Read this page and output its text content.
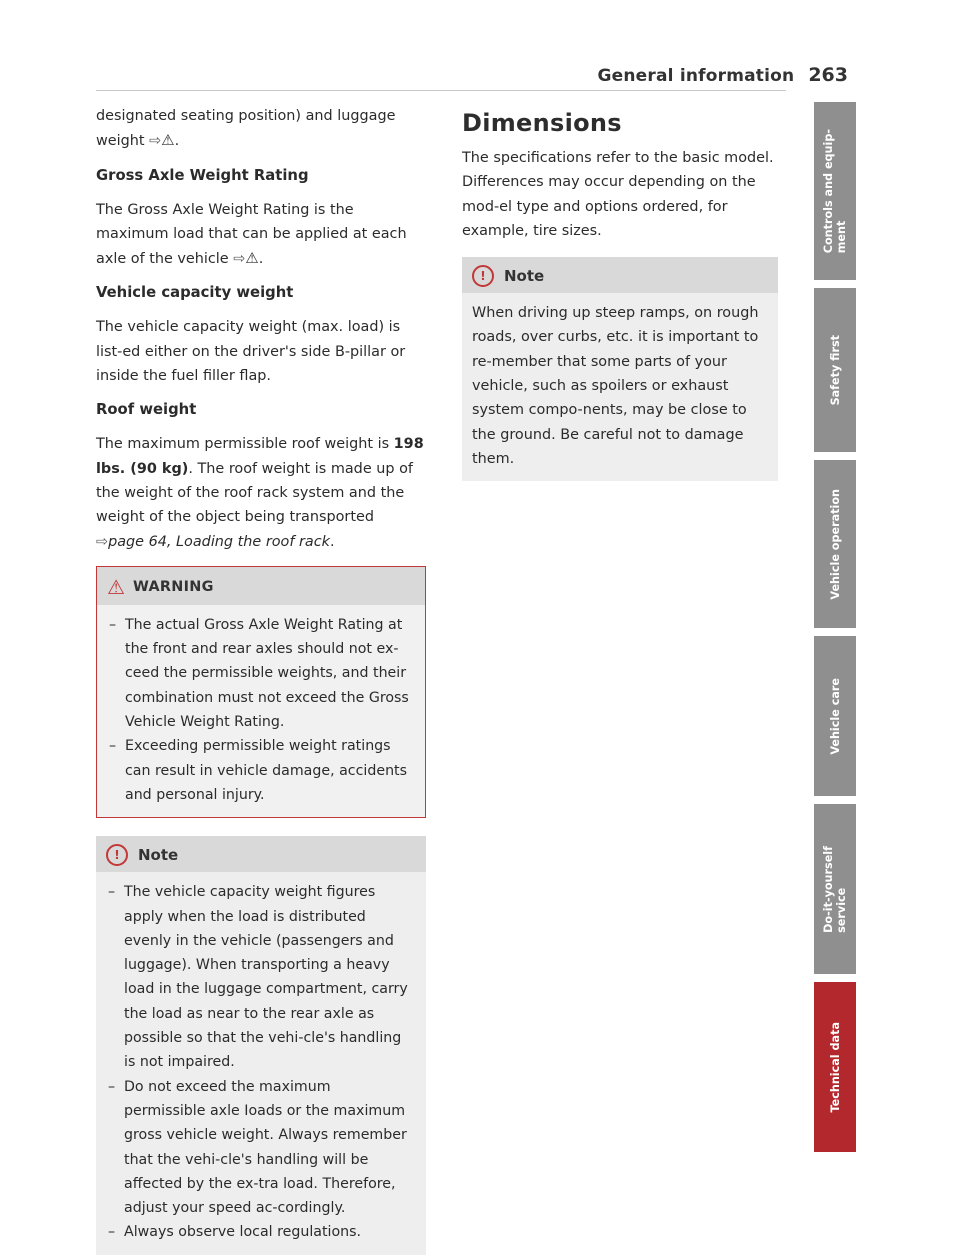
General information 263

designated seating position) and luggage weight ⇨⚠.

Gross Axle Weight Rating

The Gross Axle Weight Rating is the maximum load that can be applied at each axle of the vehicle ⇨⚠.

Vehicle capacity weight

The vehicle capacity weight (max. load) is list-ed either on the driver's side B-pillar or inside the fuel filler flap.

Roof weight

The maximum permissible roof weight is 198 lbs. (90 kg). The roof weight is made up of the weight of the roof rack system and the weight of the object being transported ⇨page 64, Loading the roof rack.

⚠ WARNING
– The actual Gross Axle Weight Rating at the front and rear axles should not ex-ceed the permissible weights, and their combination must not exceed the Gross Vehicle Weight Rating.
– Exceeding permissible weight ratings can result in vehicle damage, accidents and personal injury.
!	Note
– The vehicle capacity weight figures apply when the load is distributed evenly in the vehicle (passengers and luggage). When transporting a heavy load in the luggage compartment, carry the load as near to the rear axle as possible so that the vehi-cle's handling is not impaired.
– Do not exceed the maximum permissible axle Ioads or the maximum gross vehicle weight. Always remember that the vehi-cle's handling will be affected by the ex-tra load. Therefore, adjust your speed ac-cordingly.
– Always observe local regulations.
Dimensions

The specifications refer to the basic model. Differences may occur depending on the mod-el type and options ordered, for example, tire sizes.

!	Note

When driving up steep ramps, on rough roads, over curbs, etc. it is important to re-member that some parts of your vehicle, such as spoilers or exhaust system compo-nents, may be close to the ground. Be careful not to damage them.

Controls and equip-
ment
Safety first
Vehicle operation
Vehicle care
Do-it-yourself
service
Technical data
